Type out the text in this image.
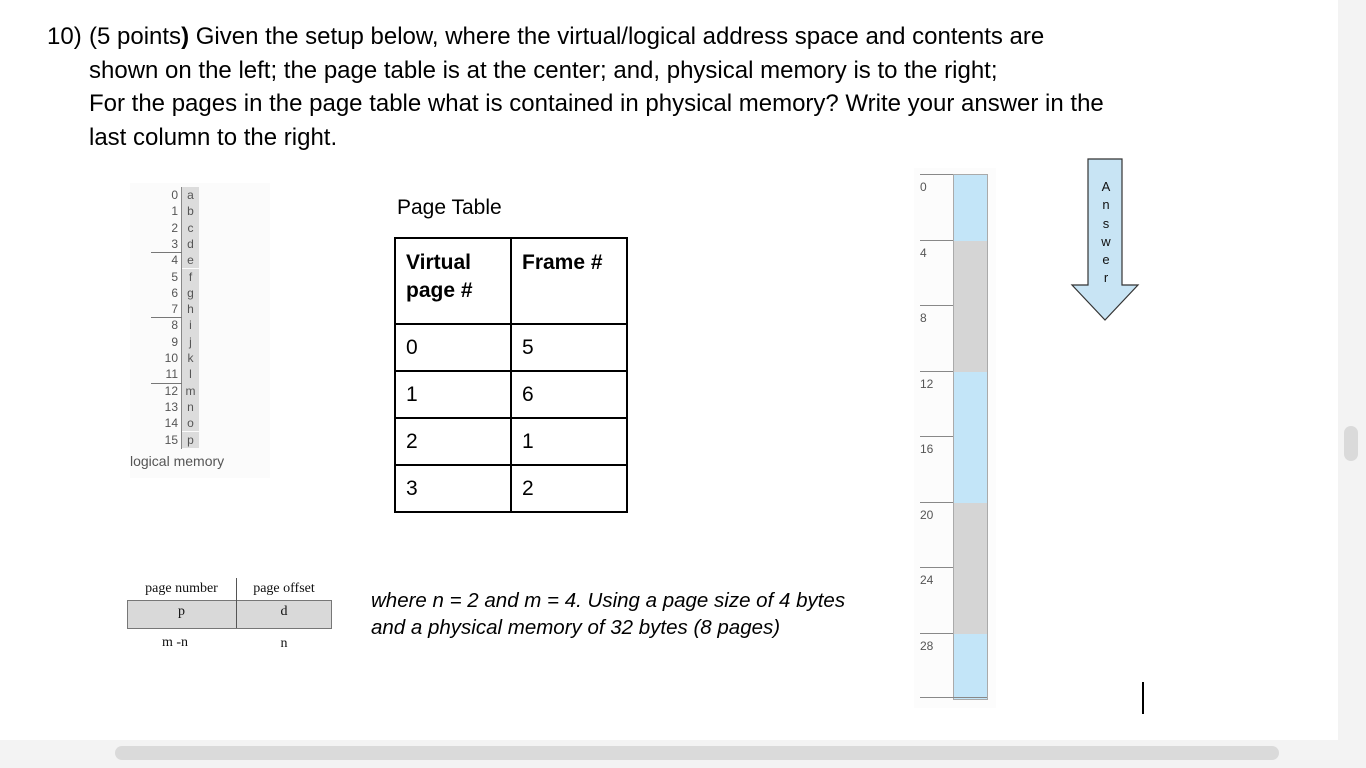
10) (5 points) Given the setup below, where the virtual/logical address space and contents are
shown on the left; the page table is at the center; and, physical memory is to the right;
For the pages in the page table what is contained in physical memory? Write your answer in the
last column to the right.
0 a
1 b
2 c
3 d
4 e
5 f
6 g
7 h
8 i
9 j
10 k
11 l
12 m
13 n
14 o
15 p
logical memory
Page Table
Virtual page #	Frame #
0	5
1	6
2	1
3	2
page number	page offset
p	d
m -n	n
where n = 2 and m = 4. Using a page size of 4 bytes
and a physical memory of 32 bytes (8 pages)
0
4
8
12
16
20
24
28
A
n
s
w
e
r
